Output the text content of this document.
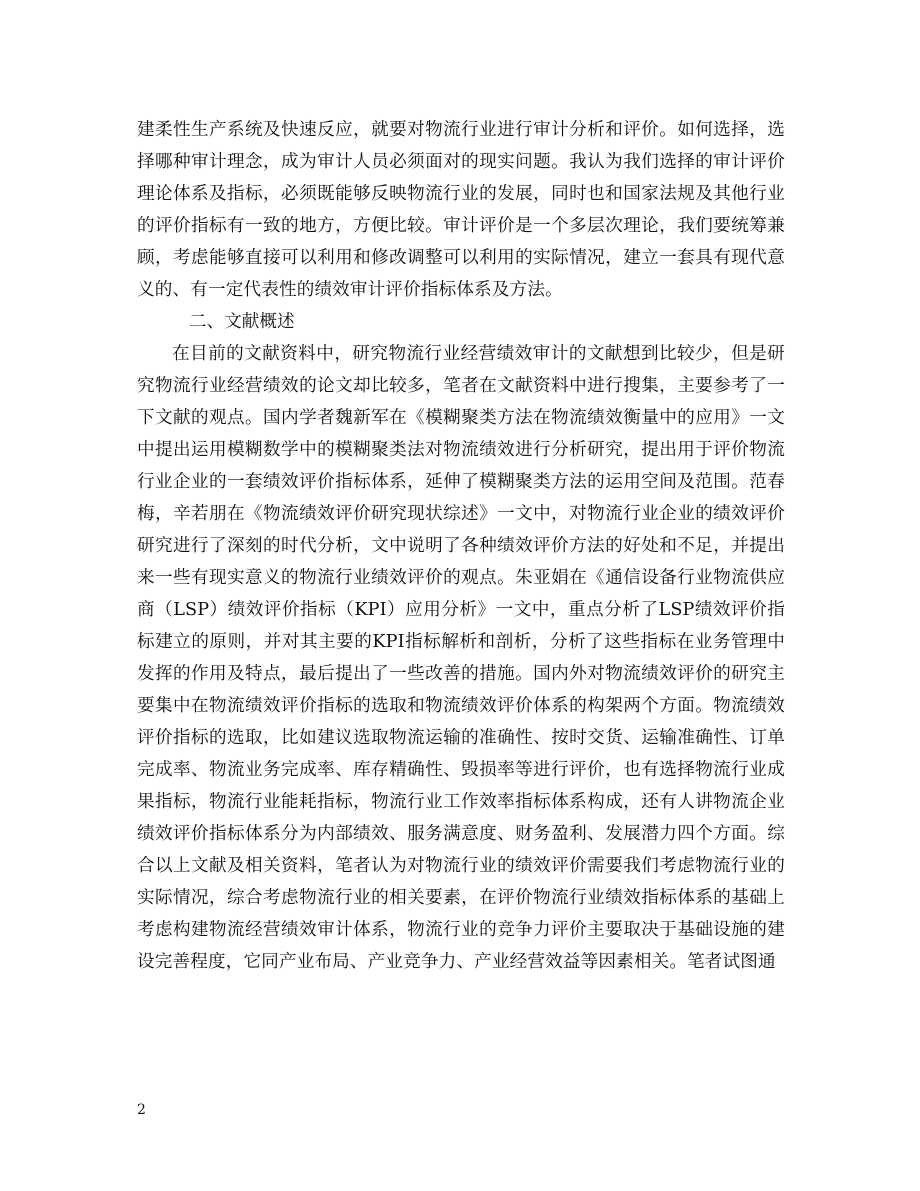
建柔性生产系统及快速反应，就要对物流行业进行审计分析和评价。如何选择，选择哪种审计理念，成为审计人员必须面对的现实问题。我认为我们选择的审计评价理论体系及指标，必须既能够反映物流行业的发展，同时也和国家法规及其他行业的评价指标有一致的地方，方便比较。审计评价是一个多层次理论，我们要统筹兼顾，考虑能够直接可以利用和修改调整可以利用的实际情况，建立一套具有现代意义的、有一定代表性的绩效审计评价指标体系及方法。

二、文献概述

在目前的文献资料中，研究物流行业经营绩效审计的文献想到比较少，但是研究物流行业经营绩效的论文却比较多，笔者在文献资料中进行搜集，主要参考了一下文献的观点。国内学者魏新军在《模糊聚类方法在物流绩效衡量中的应用》一文中提出运用模糊数学中的模糊聚类法对物流绩效进行分析研究，提出用于评价物流行业企业的一套绩效评价指标体系，延伸了模糊聚类方法的运用空间及范围。范春梅，辛若朋在《物流绩效评价研究现状综述》一文中，对物流行业企业的绩效评价研究进行了深刻的时代分析，文中说明了各种绩效评价方法的好处和不足，并提出来一些有现实意义的物流行业绩效评价的观点。朱亚娟在《通信设备行业物流供应商（LSP）绩效评价指标（KPI）应用分析》一文中，重点分析了LSP绩效评价指标建立的原则，并对其主要的KPI指标解析和剖析，分析了这些指标在业务管理中发挥的作用及特点，最后提出了一些改善的措施。国内外对物流绩效评价的研究主要集中在物流绩效评价指标的选取和物流绩效评价体系的构架两个方面。物流绩效评价指标的选取，比如建议选取物流运输的准确性、按时交货、运输准确性、订单完成率、物流业务完成率、库存精确性、毁损率等进行评价，也有选择物流行业成果指标，物流行业能耗指标，物流行业工作效率指标体系构成，还有人讲物流企业绩效评价指标体系分为内部绩效、服务满意度、财务盈利、发展潜力四个方面。综合以上文献及相关资料，笔者认为对物流行业的绩效评价需要我们考虑物流行业的实际情况，综合考虑物流行业的相关要素，在评价物流行业绩效指标体系的基础上考虑构建物流经营绩效审计体系，物流行业的竞争力评价主要取决于基础设施的建设完善程度，它同产业布局、产业竞争力、产业经营效益等因素相关。笔者试图通

2
